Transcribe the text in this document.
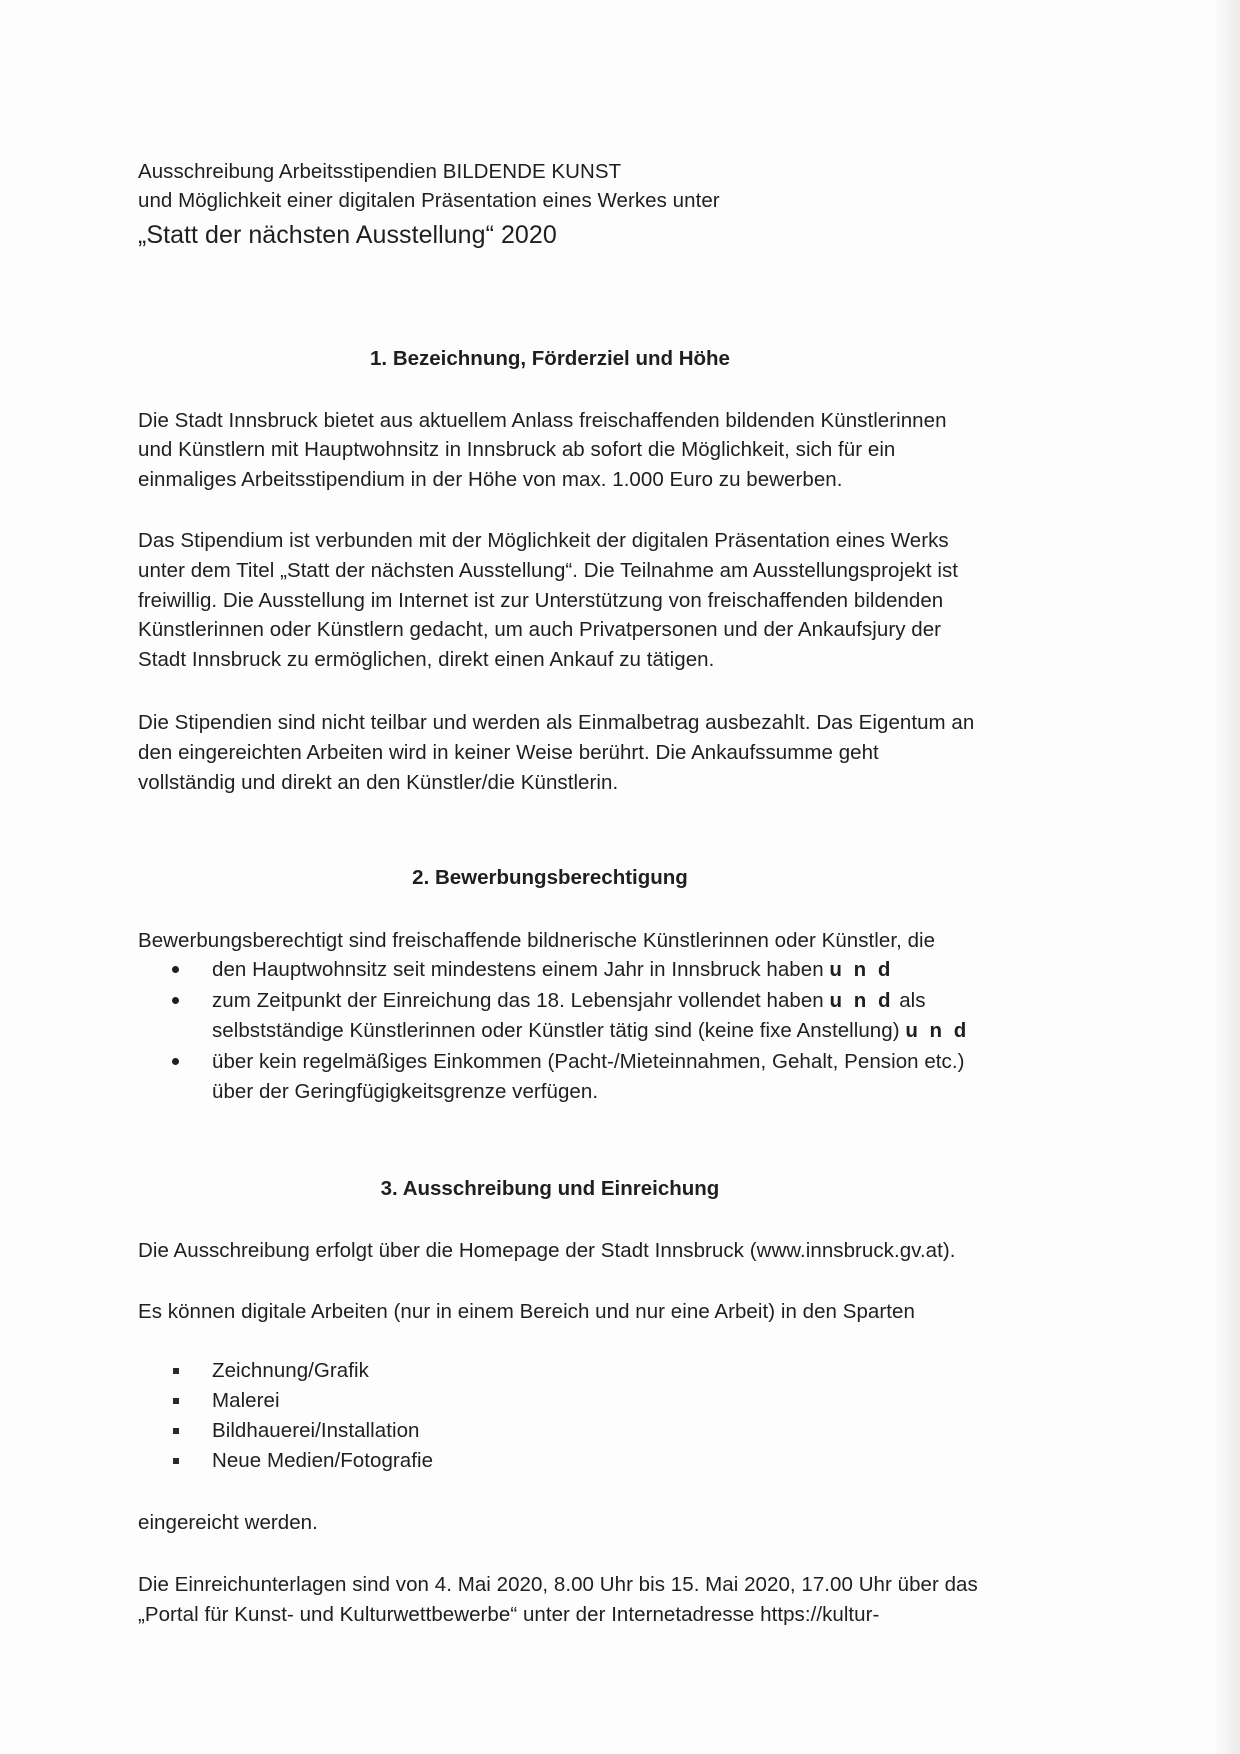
Ausschreibung Arbeitsstipendien BILDENDE KUNST
und Möglichkeit einer digitalen Präsentation eines Werkes unter
„Statt der nächsten Ausstellung“ 2020
1. Bezeichnung, Förderziel und Höhe
Die Stadt Innsbruck bietet aus aktuellem Anlass freischaffenden bildenden Künstlerinnen
und Künstlern mit Hauptwohnsitz in Innsbruck ab sofort die Möglichkeit, sich für ein
einmaliges Arbeitsstipendium in der Höhe von max. 1.000 Euro zu bewerben.
Das Stipendium ist verbunden mit der Möglichkeit der digitalen Präsentation eines Werks
unter dem Titel „Statt der nächsten Ausstellung“. Die Teilnahme am Ausstellungsprojekt ist
freiwillig. Die Ausstellung im Internet ist zur Unterstützung von freischaffenden bildenden
Künstlerinnen oder Künstlern gedacht, um auch Privatpersonen und der Ankaufsjury der
Stadt Innsbruck zu ermöglichen, direkt einen Ankauf zu tätigen.
Die Stipendien sind nicht teilbar und werden als Einmalbetrag ausbezahlt. Das Eigentum an
den eingereichten Arbeiten wird in keiner Weise berührt. Die Ankaufssumme geht
vollständig und direkt an den Künstler/die Künstlerin.
2. Bewerbungsberechtigung
Bewerbungsberechtigt sind freischaffende bildnerische Künstlerinnen oder Künstler, die
den Hauptwohnsitz seit mindestens einem Jahr in Innsbruck haben u n d
zum Zeitpunkt der Einreichung das 18. Lebensjahr vollendet haben u n d als
selbstständige Künstlerinnen oder Künstler tätig sind (keine fixe Anstellung) u n d
über kein regelmäßiges Einkommen (Pacht-/Mieteinnahmen, Gehalt, Pension etc.)
über der Geringfügigkeitsgrenze verfügen.
3. Ausschreibung und Einreichung
Die Ausschreibung erfolgt über die Homepage der Stadt Innsbruck (www.innsbruck.gv.at).
Es können digitale Arbeiten (nur in einem Bereich und nur eine Arbeit) in den Sparten
Zeichnung/Grafik
Malerei
Bildhauerei/Installation
Neue Medien/Fotografie
eingereicht werden.
Die Einreichunterlagen sind von 4. Mai 2020, 8.00 Uhr bis 15. Mai 2020, 17.00 Uhr über das
„Portal für Kunst- und Kulturwettbewerbe“ unter der Internetadresse https://kultur-
